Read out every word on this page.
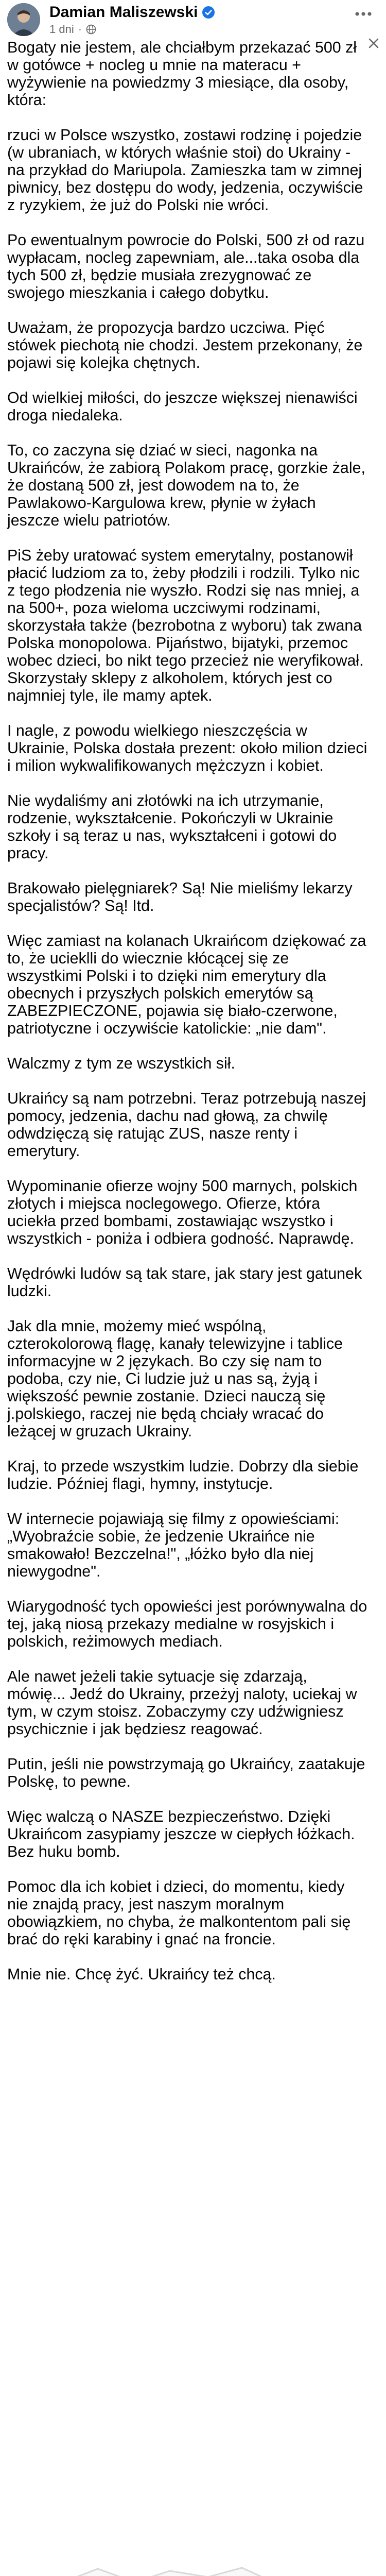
Damian Maliszewski
1 dni ·

Bogaty nie jestem, ale chciałbym przekazać 500 zł w gotówce + nocleg u mnie na materacu + wyżywienie na powiedzmy 3 miesiące, dla osoby, która:

rzuci w Polsce wszystko, zostawi rodzinę i pojedzie (w ubraniach, w których właśnie stoi) do Ukrainy - na przykład do Mariupola. Zamieszka tam w zimnej piwnicy, bez dostępu do wody, jedzenia, oczywiście z ryzykiem, że już do Polski nie wróci.

Po ewentualnym powrocie do Polski, 500 zł od razu wypłacam, nocleg zapewniam, ale...taka osoba dla tych 500 zł, będzie musiała zrezygnować ze swojego mieszkania i całego dobytku.

Uważam, że propozycja bardzo uczciwa. Pięć stówek piechotą nie chodzi. Jestem przekonany, że pojawi się kolejka chętnych.

Od wielkiej miłości, do jeszcze większej nienawiści droga niedaleka.

To, co zaczyna się dziać w sieci, nagonka na Ukraińców, że zabiorą Polakom pracę, gorzkie żale, że dostaną 500 zł, jest dowodem na to, że Pawlakowo-Kargulowa krew, płynie w żyłach jeszcze wielu patriotów.

PiS żeby uratować system emerytalny, postanowił płacić ludziom za to, żeby płodzili i rodzili. Tylko nic z tego płodzenia nie wyszło. Rodzi się nas mniej, a na 500+, poza wieloma uczciwymi rodzinami, skorzystała także (bezrobotna z wyboru) tak zwana Polska monopolowa. Pijaństwo, bijatyki, przemoc wobec dzieci, bo nikt tego przecież nie weryfikował. Skorzystały sklepy z alkoholem, których jest co najmniej tyle, ile mamy aptek.

I nagle, z powodu wielkiego nieszczęścia w Ukrainie, Polska dostała prezent: około milion dzieci i milion wykwalifikowanych mężczyzn i kobiet.

Nie wydaliśmy ani złotówki na ich utrzymanie, rodzenie, wykształcenie. Pokończyli w Ukrainie szkoły i są teraz u nas, wykształceni i gotowi do pracy.

Brakowało pielęgniarek? Są! Nie mieliśmy lekarzy specjalistów? Są! Itd.

Więc zamiast na kolanach Ukraińcom dziękować za to, że ucieklli do wiecznie kłócącej się ze wszystkimi Polski i to dzięki nim emerytury dla obecnych i przyszłych polskich emerytów są ZABEZPIECZONE, pojawia się biało-czerwone, patriotyczne i oczywiście katolickie: „nie dam".

Walczmy z tym ze wszystkich sił.

Ukraińcy są nam potrzebni. Teraz potrzebują naszej pomocy, jedzenia, dachu nad głową, za chwilę odwdzięczą się ratując ZUS, nasze renty i emerytury.

Wypominanie ofierze wojny 500 marnych, polskich złotych i miejsca noclegowego. Ofierze, która uciekła przed bombami, zostawiając wszystko i wszystkich - poniża i odbiera godność. Naprawdę.

Wędrówki ludów są tak stare, jak stary jest gatunek ludzki.

Jak dla mnie, możemy mieć wspólną, czterokolorową flagę, kanały telewizyjne i tablice informacyjne w 2 językach. Bo czy się nam to podoba, czy nie, Ci ludzie już u nas są, żyją i większość pewnie zostanie. Dzieci nauczą się j.polskiego, raczej nie będą chciały wracać do leżącej w gruzach Ukrainy.

Kraj, to przede wszystkim ludzie. Dobrzy dla siebie ludzie. Później flagi, hymny, instytucje.

W internecie pojawiają się filmy z opowieściami: „Wyobraźcie sobie, że jedzenie Ukraińce nie smakowało! Bezczelna!", „łóżko było dla niej niewygodne".

Wiarygodność tych opowieści jest porównywalna do tej, jaką niosą przekazy medialne w rosyjskich i polskich, reżimowych mediach.

Ale nawet jeżeli takie sytuacje się zdarzają, mówię... Jedź do Ukrainy, przeżyj naloty, uciekaj w tym, w czym stoisz. Zobaczymy czy udźwigniesz psychicznie i jak będziesz reagować.

Putin, jeśli nie powstrzymają go Ukraińcy, zaatakuje Polskę, to pewne.

Więc walczą o NASZE bezpieczeństwo. Dzięki Ukraińcom zasypiamy jeszcze w ciepłych łóżkach. Bez huku bomb.

Pomoc dla ich kobiet i dzieci, do momentu, kiedy nie znajdą pracy, jest naszym moralnym obowiązkiem, no chyba, że malkontentom pali się brać do ręki karabiny i gnać na froncie.

Mnie nie. Chcę żyć. Ukraińcy też chcą.
